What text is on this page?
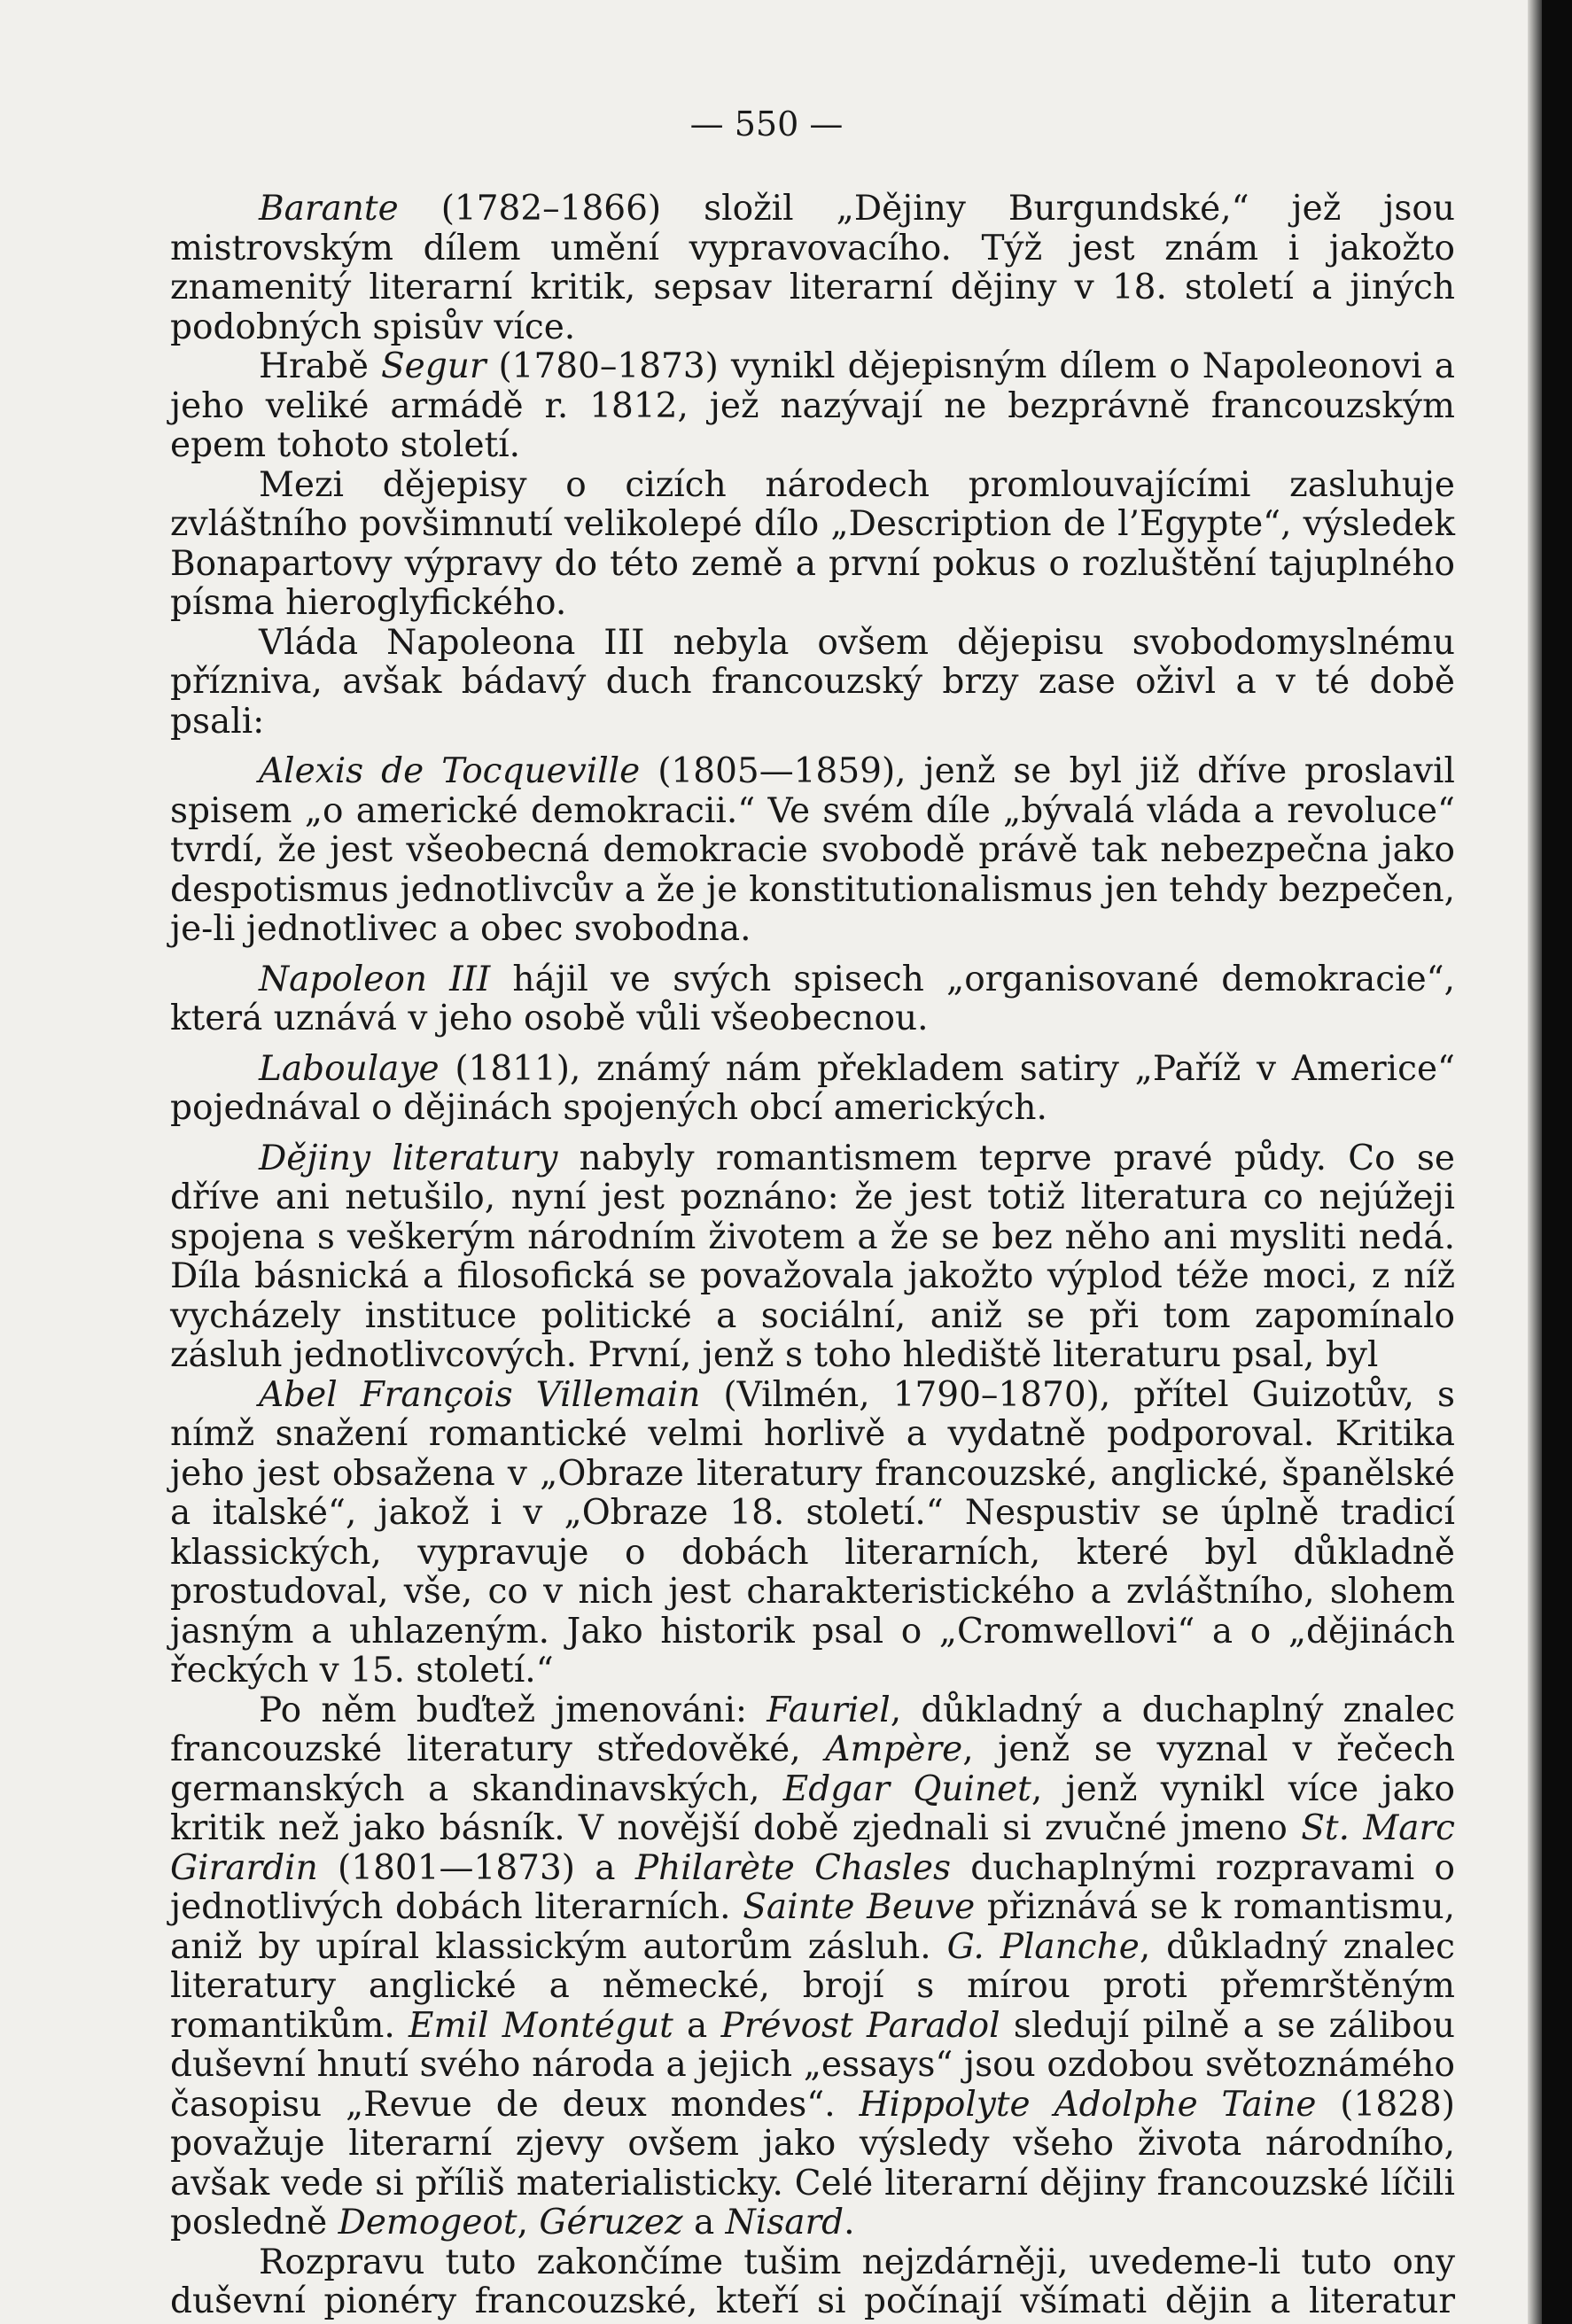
— 550 —

Barante (1782–1866) složil „Dějiny Burgundské,“ jež jsou mistrovským dílem umění vypravovacího. Týž jest znám i jakožto znamenitý literarní kritik, sepsav literarní dějiny v 18. století a jiných podobných spisův více.

Hrabě Segur (1780–1873) vynikl dějepisným dílem o Napoleonovi a jeho veliké armádě r. 1812, jež nazývají ne bezprávně francouzským epem tohoto století.

Mezi dějepisy o cizích národech promlouvajícími zasluhuje zvláštního povšimnutí velikolepé dílo „Description de l’Egypte“, výsledek Bonapartovy výpravy do této země a první pokus o rozluštění tajuplného písma hieroglyfického.

Vláda Napoleona III nebyla ovšem dějepisu svobodomyslnému příznivа, avšak bádavý duch francouzský brzy zase oživl a v té době psali:

Alexis de Tocqueville (1805—1859), jenž se byl již dříve proslavil spisem „o americké demokracii.“ Ve svém díle „bývalá vláda a revoluce“ tvrdí, že jest všeobecná demokracie svobodě právě tak nebezpečna jako despotismus jednotlivcův a že je konstitutionalismus jen tehdy bezpečen, je-li jednotlivec a obec svobodna.

Napoleon III hájil ve svých spisech „organisované demokracie“, která uznává v jeho osobě vůli všeobecnou.

Laboulaye (1811), známý nám překladem satiry „Paříž v Americe“ pojednával o dějinách spojených obcí amerických.

Dějiny literatury nabyly romantismem teprve pravé půdy. Co se dříve ani netušilo, nyní jest poznáno: že jest totiž literatura co nejúžeji spojena s veškerým národním životem a že se bez něho ani mysliti nedá. Díla básnická a filosofická se považovala jakožto výplod téže moci, z níž vycházely instituce politické a sociální, aniž se při tom zapomínalo zásluh jednotlivcových. První, jenž s toho hlediště literaturu psal, byl

Abel François Villemain (Vilmén, 1790–1870), přítel Guizotův, s nímž snažení romantické velmi horlivě a vydatně podporoval. Kritika jeho jest obsažena v „Obraze literatury francouzské, anglické, španělské a italské“, jakož i v „Obraze 18. století.“ Nespustiv se úplně tradicí klassických, vypravuje o dobách literarních, které byl důkladně prostudoval, vše, co v nich jest charakteristického a zvláštního, slohem jasným a uhlazeným. Jako historik psal o „Cromwellovi“ a o „dějinách řeckých v 15. století.“

Po něm buďtež jmenováni: Fauriel, důkladný a duchaplný znalec francouzské literatury středověké, Ampère, jenž se vyznal v řečech germanských a skandinavských, Edgar Quinet, jenž vynikl více jako kritik než jako básník. V novější době zjednali si zvučné jmeno St. Marc Girardin (1801—1873) a Philarète Chasles duchaplnými rozpravami o jednotlivých dobách literarních. Sainte Beuve přiznává se k romantismu, aniž by upíral klassickým autorům zásluh. G. Planche, důkladný znalec literatury anglické a německé, brojí s mírou proti přemrštěným romantikům. Emil Montégut a Prévost Paradol sledují pilně a se zálibou duševní hnutí svého národa a jejich „essays“ jsou ozdobou světoznámého časopisu „Revue de deux mondes“. Hippolyte Adolphe Taine (1828) považuje literarní zjevy ovšem jako výsledy všeho života národního, avšak vede si příliš materialisticky. Celé literarní dějiny francouzské líčili posledně Demogeot, Géruzez a Nisard.

Rozpravu tuto zakončíme tušim nejzdárněji, uvedeme-li tuto ony duševní pionéry francouzské, kteří si počínají všímati dějin a literatur
